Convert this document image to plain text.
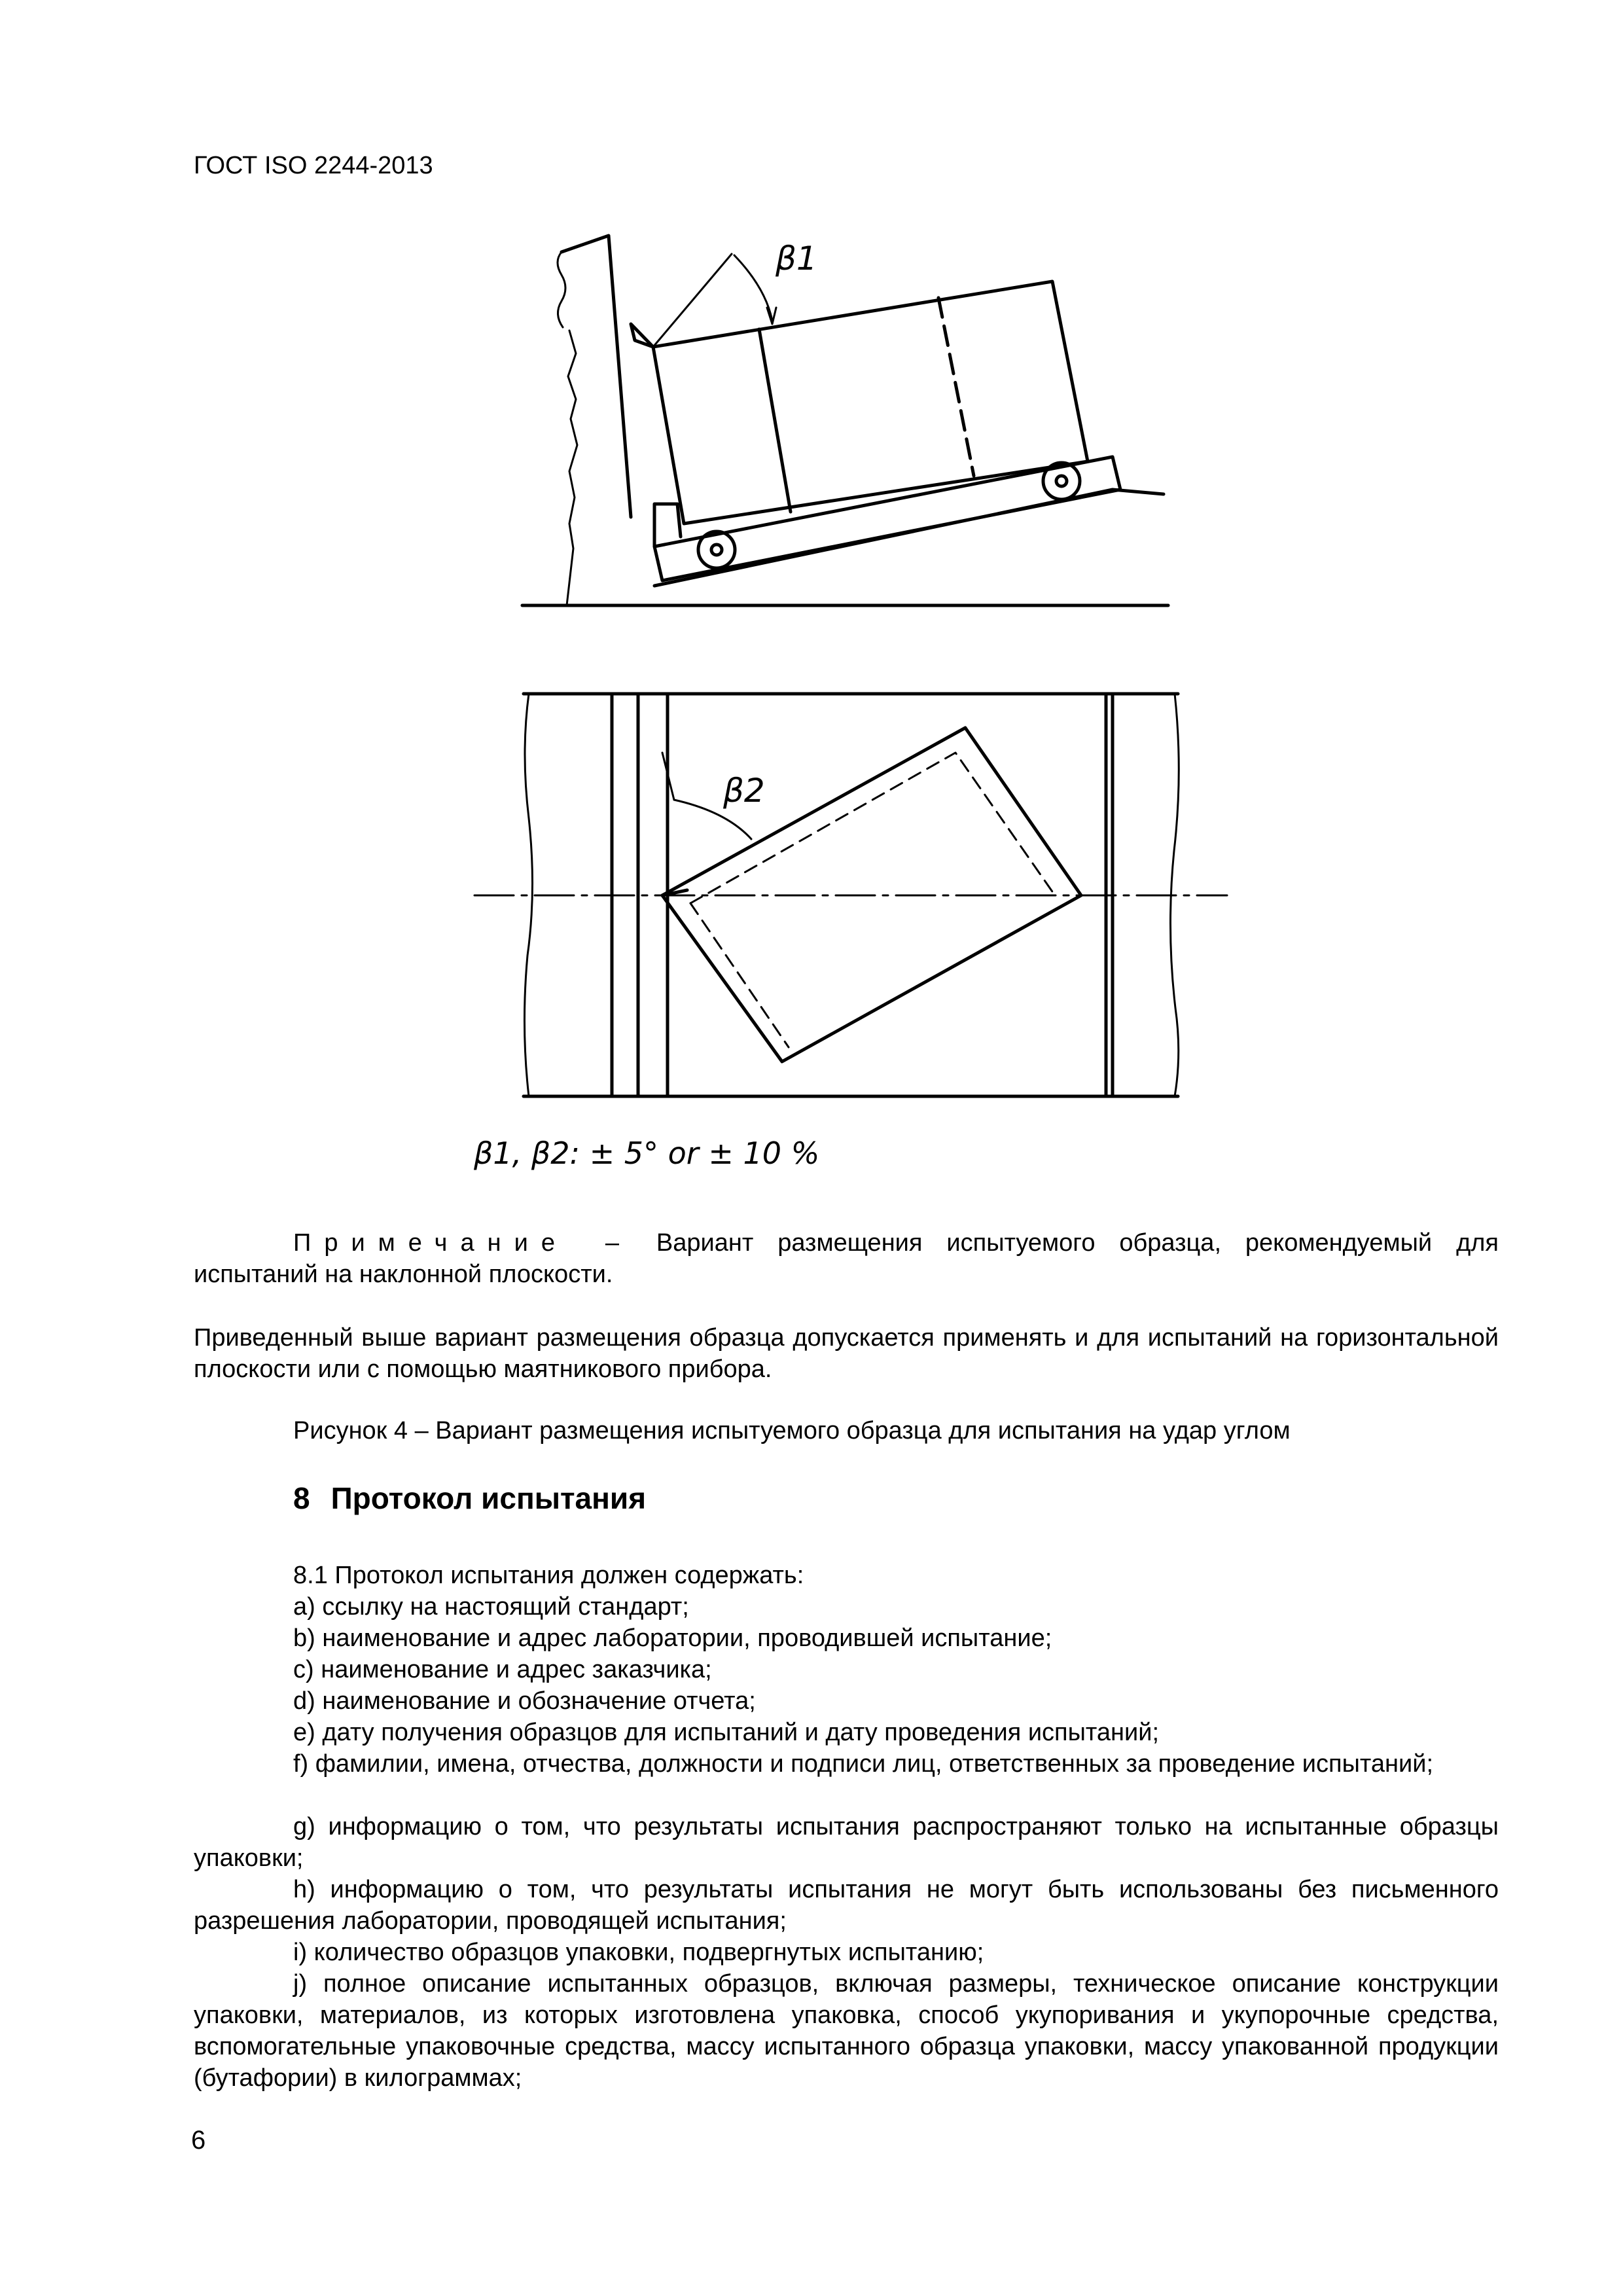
ГОСТ ISO 2244-2013
β1
β2
β1, β2: ± 5° or ± 10 %
Примечание – Вариант размещения испытуемого образца, рекомендуемый для испытаний на наклонной плоскости.
Приведенный выше вариант размещения образца допускается применять и для испытаний на горизонтальной плоскости или с помощью маятникового прибора.
Рисунок 4 – Вариант размещения испытуемого образца для испытания на удар углом
8 Протокол испытания
8.1 Протокол испытания должен содержать:
a) ссылку на настоящий стандарт;
b) наименование и адрес лаборатории, проводившей испытание;
c) наименование и адрес заказчика;
d) наименование и обозначение отчета;
e) дату получения образцов для испытаний и дату проведения испытаний;
f) фамилии, имена, отчества, должности и подписи лиц, ответственных за проведение испытаний;
g) информацию о том, что результаты испытания распространяют только на испытанные образцы упаковки;
h) информацию о том, что результаты испытания не могут быть использованы без письменного разрешения лаборатории, проводящей испытания;
i) количество образцов упаковки, подвергнутых испытанию;
j) полное описание испытанных образцов, включая размеры, техническое описание конструкции упаковки, материалов, из которых изготовлена упаковка, способ укупоривания и укупорочные средства, вспомогательные упаковочные средства, массу испытанного образца упаковки, массу упакованной продукции (бутафории) в килограммах;
6
